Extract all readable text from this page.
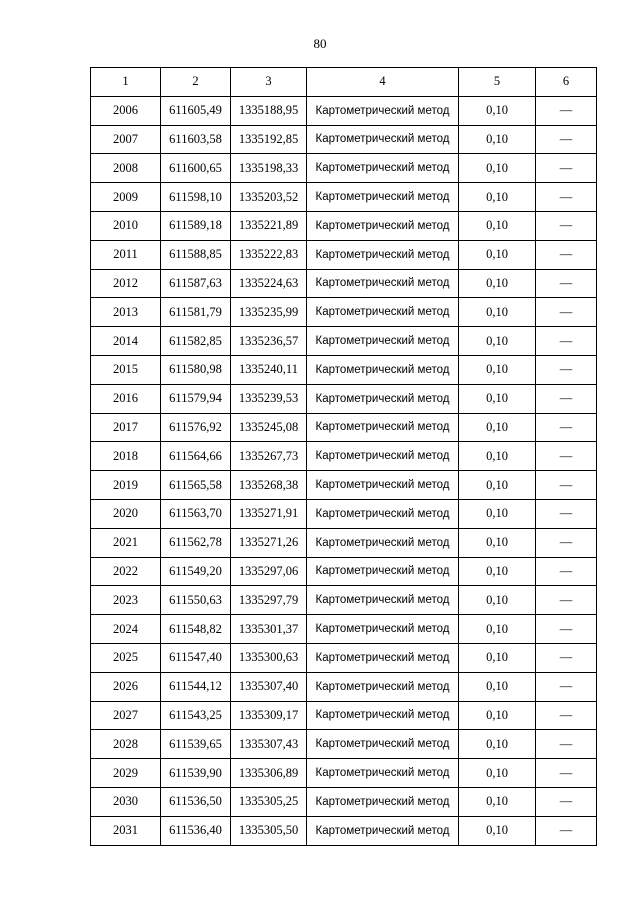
80
1	2	3	4	5	6
2006	611605,49	1335188,95	Картометрический метод	0,10	—
2007	611603,58	1335192,85	Картометрический метод	0,10	—
2008	611600,65	1335198,33	Картометрический метод	0,10	—
2009	611598,10	1335203,52	Картометрический метод	0,10	—
2010	611589,18	1335221,89	Картометрический метод	0,10	—
2011	611588,85	1335222,83	Картометрический метод	0,10	—
2012	611587,63	1335224,63	Картометрический метод	0,10	—
2013	611581,79	1335235,99	Картометрический метод	0,10	—
2014	611582,85	1335236,57	Картометрический метод	0,10	—
2015	611580,98	1335240,11	Картометрический метод	0,10	—
2016	611579,94	1335239,53	Картометрический метод	0,10	—
2017	611576,92	1335245,08	Картометрический метод	0,10	—
2018	611564,66	1335267,73	Картометрический метод	0,10	—
2019	611565,58	1335268,38	Картометрический метод	0,10	—
2020	611563,70	1335271,91	Картометрический метод	0,10	—
2021	611562,78	1335271,26	Картометрический метод	0,10	—
2022	611549,20	1335297,06	Картометрический метод	0,10	—
2023	611550,63	1335297,79	Картометрический метод	0,10	—
2024	611548,82	1335301,37	Картометрический метод	0,10	—
2025	611547,40	1335300,63	Картометрический метод	0,10	—
2026	611544,12	1335307,40	Картометрический метод	0,10	—
2027	611543,25	1335309,17	Картометрический метод	0,10	—
2028	611539,65	1335307,43	Картометрический метод	0,10	—
2029	611539,90	1335306,89	Картометрический метод	0,10	—
2030	611536,50	1335305,25	Картометрический метод	0,10	—
2031	611536,40	1335305,50	Картометрический метод	0,10	—
